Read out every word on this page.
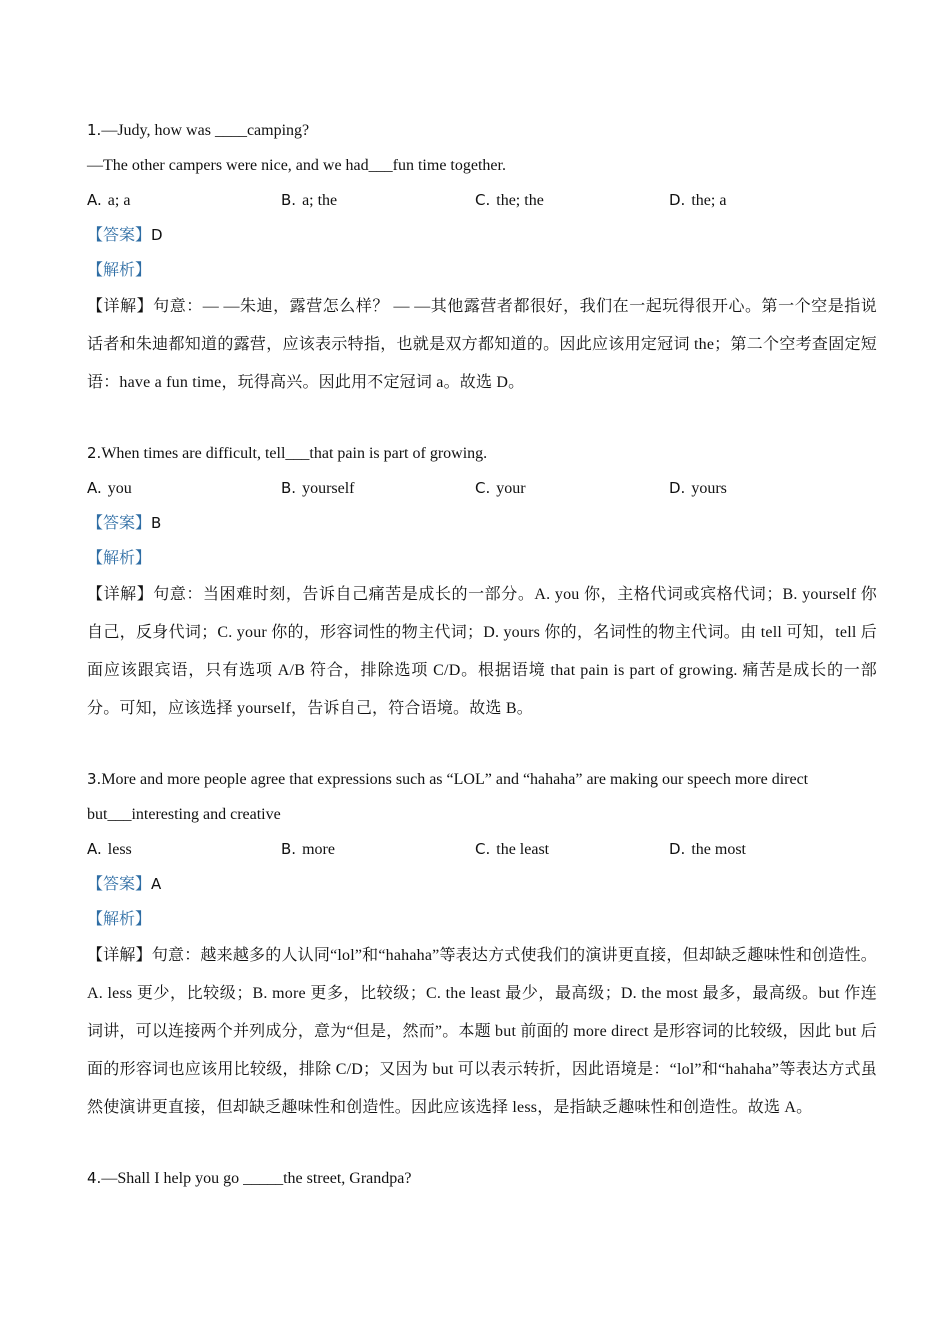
1.—Judy, how was ____camping?
—The other campers were nice, and we had___fun time together.
A. a; a	B. a; the	C. the; the	D. the; a
【答案】D
【解析】
【详解】句意：— —朱迪，露营怎么样？ — —其他露营者都很好，我们在一起玩得很开心。第一个空是指说话者和朱迪都知道的露营，应该表示特指，也就是双方都知道的。因此应该用定冠词 the；第二个空考查固定短语：have a fun time，玩得高兴。因此用不定冠词 a。故选 D。
2.When times are difficult, tell___that pain is part of growing.
A. you	B. yourself	C. your	D. yours
【答案】B
【解析】
【详解】句意：当困难时刻，告诉自己痛苦是成长的一部分。A. you 你，主格代词或宾格代词；B. yourself 你自己，反身代词；C. your 你的，形容词性的物主代词；D. yours 你的，名词性的物主代词。由 tell 可知，tell 后面应该跟宾语，只有选项 A/B 符合，排除选项 C/D。根据语境 that pain is part of growing. 痛苦是成长的一部分。可知，应该选择 yourself，告诉自己，符合语境。故选 B。
3.More and more people agree that expressions such as “LOL” and “hahaha” are making our speech more direct
but___interesting and creative
A. less	B. more	C. the least	D. the most
【答案】A
【解析】
【详解】句意：越来越多的人认同“lol”和“hahaha”等表达方式使我们的演讲更直接，但却缺乏趣味性和创造性。A. less 更少，比较级；B. more 更多，比较级；C. the least 最少，最高级；D. the most 最多，最高级。but 作连词讲，可以连接两个并列成分，意为“但是，然而”。本题 but 前面的 more direct 是形容词的比较级，因此 but 后面的形容词也应该用比较级，排除 C/D；又因为 but 可以表示转折，因此语境是：“lol”和“hahaha”等表达方式虽然使演讲更直接，但却缺乏趣味性和创造性。因此应该选择 less，是指缺乏趣味性和创造性。故选 A。
4.—Shall I help you go _____the street, Grandpa?
